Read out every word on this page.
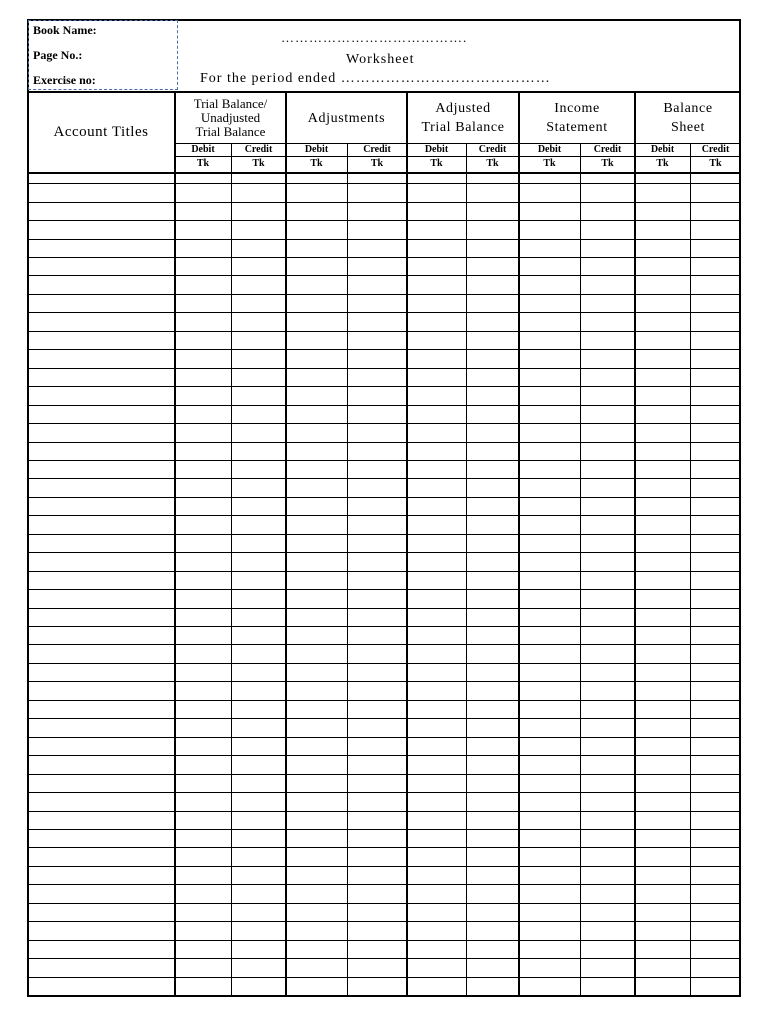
Book Name:
Page No.:
Exercise no:
………………………………….
Worksheet
For the period ended ……………………………………
Account Titles
Trial Balance/
Unadjusted
Trial Balance
Debit
Tk
Credit
Tk
Adjustments
Debit
Tk
Credit
Tk
Adjusted
Trial Balance
Debit
Tk
Credit
Tk
Income
Statement
Debit
Tk
Credit
Tk
Balance
Sheet
Debit
Tk
Credit
Tk
